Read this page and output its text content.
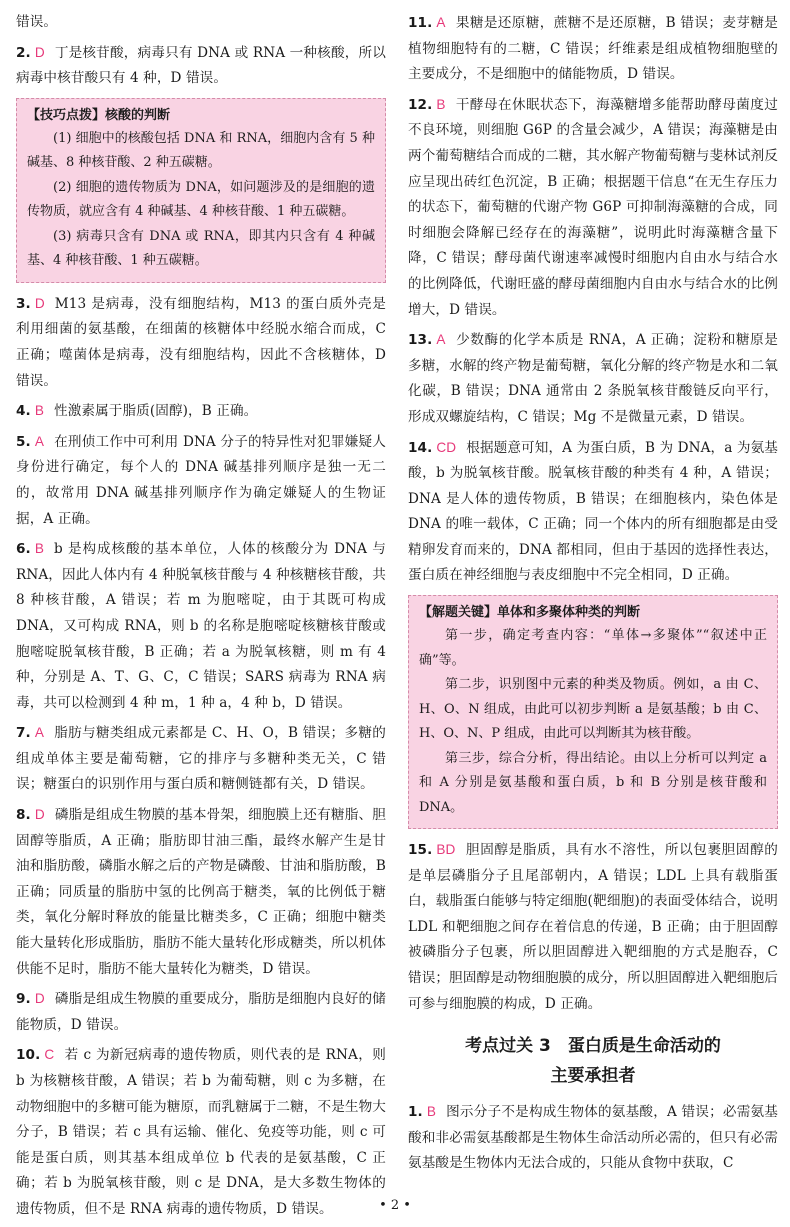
错误。

2. D 丁是核苷酸，病毒只有 DNA 或 RNA 一种核酸，所以病毒中核苷酸只有 4 种，D 错误。

【技巧点拨】核酸的判断

(1) 细胞中的核酸包括 DNA 和 RNA，细胞内含有 5 种碱基、8 种核苷酸、2 种五碳糖。

(2) 细胞的遗传物质为 DNA，如问题涉及的是细胞的遗传物质，就应含有 4 种碱基、4 种核苷酸、1 种五碳糖。

(3) 病毒只含有 DNA 或 RNA，即其内只含有 4 种碱基、4 种核苷酸、1 种五碳糖。

3. D M13 是病毒，没有细胞结构，M13 的蛋白质外壳是利用细菌的氨基酸，在细菌的核糖体中经脱水缩合而成，C 正确；噬菌体是病毒，没有细胞结构，因此不含核糖体，D 错误。

4. B 性激素属于脂质(固醇)，B 正确。

5. A 在刑侦工作中可利用 DNA 分子的特异性对犯罪嫌疑人身份进行确定，每个人的 DNA 碱基排列顺序是独一无二的，故常用 DNA 碱基排列顺序作为确定嫌疑人的生物证据，A 正确。

6. B b 是构成核酸的基本单位，人体的核酸分为 DNA 与 RNA，因此人体内有 4 种脱氧核苷酸与 4 种核糖核苷酸，共 8 种核苷酸，A 错误；若 m 为胞嘧啶，由于其既可构成 DNA，又可构成 RNA，则 b 的名称是胞嘧啶核糖核苷酸或胞嘧啶脱氧核苷酸，B 正确；若 a 为脱氧核糖，则 m 有 4 种，分别是 A、T、G、C，C 错误；SARS 病毒为 RNA 病毒，共可以检测到 4 种 m，1 种 a，4 种 b，D 错误。

7. A 脂肪与糖类组成元素都是 C、H、O，B 错误；多糖的组成单体主要是葡萄糖，它的排序与多糖种类无关，C 错误；糖蛋白的识别作用与蛋白质和糖侧链都有关，D 错误。

8. D 磷脂是组成生物膜的基本骨架，细胞膜上还有糖脂、胆固醇等脂质，A 正确；脂肪即甘油三酯，最终水解产生是甘油和脂肪酸，磷脂水解之后的产物是磷酸、甘油和脂肪酸，B 正确；同质量的脂肪中氢的比例高于糖类，氧的比例低于糖类，氧化分解时释放的能量比糖类多，C 正确；细胞中糖类能大量转化形成脂肪，脂肪不能大量转化形成糖类，所以机体供能不足时，脂肪不能大量转化为糖类，D 错误。

9. D 磷脂是组成生物膜的重要成分，脂肪是细胞内良好的储能物质，D 错误。

10. C 若 c 为新冠病毒的遗传物质，则代表的是 RNA，则 b 为核糖核苷酸，A 错误；若 b 为葡萄糖，则 c 为多糖，在动物细胞中的多糖可能为糖原，而乳糖属于二糖，不是生物大分子，B 错误；若 c 具有运输、催化、免疫等功能，则 c 可能是蛋白质，则其基本组成单位 b 代表的是氨基酸，C 正确；若 b 为脱氧核苷酸，则 c 是 DNA，是大多数生物体的遗传物质，但不是 RNA 病毒的遗传物质，D 错误。

11. A 果糖是还原糖，蔗糖不是还原糖，B 错误；麦芽糖是植物细胞特有的二糖，C 错误；纤维素是组成植物细胞壁的主要成分，不是细胞中的储能物质，D 错误。

12. B 干酵母在休眠状态下，海藻糖增多能帮助酵母菌度过不良环境，则细胞 G6P 的含量会减少，A 错误；海藻糖是由两个葡萄糖结合而成的二糖，其水解产物葡萄糖与斐林试剂反应呈现出砖红色沉淀，B 正确；根据题干信息“在无生存压力的状态下，葡萄糖的代谢产物 G6P 可抑制海藻糖的合成，同时细胞会降解已经存在的海藻糖”，说明此时海藻糖含量下降，C 错误；酵母菌代谢速率减慢时细胞内自由水与结合水的比例降低，代谢旺盛的酵母菌细胞内自由水与结合水的比例增大，D 错误。

13. A 少数酶的化学本质是 RNA，A 正确；淀粉和糖原是多糖，水解的终产物是葡萄糖，氧化分解的终产物是水和二氧化碳，B 错误；DNA 通常由 2 条脱氧核苷酸链反向平行，形成双螺旋结构，C 错误；Mg 不是微量元素，D 错误。

14. CD 根据题意可知，A 为蛋白质，B 为 DNA，a 为氨基酸，b 为脱氧核苷酸。脱氧核苷酸的种类有 4 种，A 错误；DNA 是人体的遗传物质，B 错误；在细胞核内，染色体是 DNA 的唯一载体，C 正确；同一个体内的所有细胞都是由受精卵发育而来的，DNA 都相同，但由于基因的选择性表达，蛋白质在神经细胞与表皮细胞中不完全相同，D 正确。

【解题关键】单体和多聚体种类的判断

第一步，确定考查内容：“单体→多聚体”“叙述中正确”等。

第二步，识别图中元素的种类及物质。例如，a 由 C、H、O、N 组成，由此可以初步判断 a 是氨基酸；b 由 C、H、O、N、P 组成，由此可以判断其为核苷酸。

第三步，综合分析，得出结论。由以上分析可以判定 a 和 A 分别是氨基酸和蛋白质，b 和 B 分别是核苷酸和 DNA。

15. BD 胆固醇是脂质，具有水不溶性，所以包裹胆固醇的是单层磷脂分子且尾部朝内，A 错误；LDL 上具有载脂蛋白，载脂蛋白能够与特定细胞(靶细胞)的表面受体结合，说明 LDL 和靶细胞之间存在着信息的传递，B 正确；由于胆固醇被磷脂分子包裹，所以胆固醇进入靶细胞的方式是胞吞，C 错误；胆固醇是动物细胞膜的成分，所以胆固醇进入靶细胞后可参与细胞膜的构成，D 正确。

考点过关 3　蛋白质是生命活动的
主要承担者

1. B 图示分子不是构成生物体的氨基酸，A 错误；必需氨基酸和非必需氨基酸都是生物体生命活动所必需的，但只有必需氨基酸是生物体内无法合成的，只能从食物中获取，C

• 2 •
